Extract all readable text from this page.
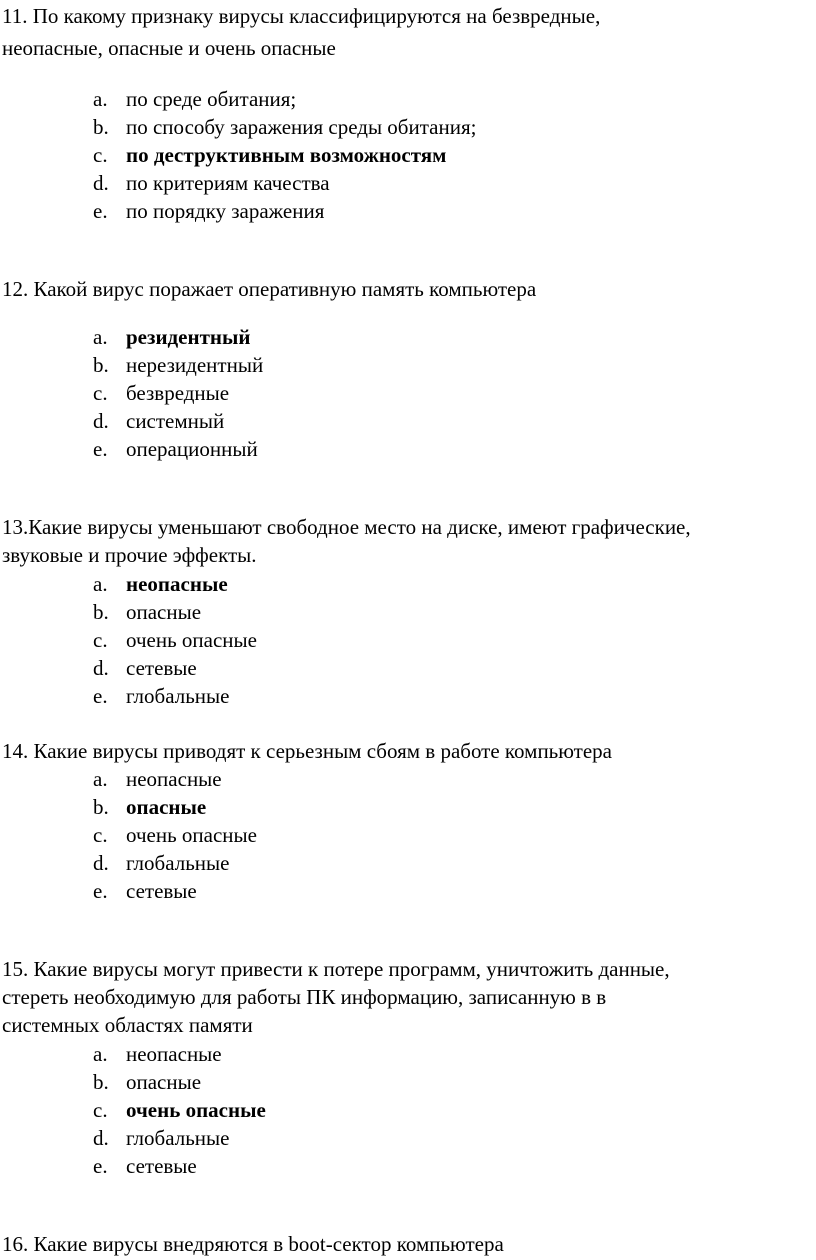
11. По какому признаку вирусы классифицируются на безвредные,
неопасные, опасные и очень опасные
a. по среде обитания;
b. по способу заражения среды обитания;
c. по деструктивным возможностям
d. по критериям качества
e. по порядку заражения
12. Какой вирус поражает оперативную память компьютера
a. резидентный
b. нерезидентный
c. безвредные
d. системный
e. операционный
13.Какие вирусы уменьшают свободное место на диске, имеют графические,
звуковые и прочие эффекты.
a. неопасные
b. опасные
c. очень опасные
d. сетевые
e. глобальные
14. Какие вирусы приводят к серьезным сбоям в работе компьютера
a. неопасные
b. опасные
c. очень опасные
d. глобальные
e. сетевые
15. Какие вирусы могут привести к потере программ, уничтожить данные,
стереть необходимую для работы ПК информацию, записанную в в
системных областях памяти
a. неопасные
b. опасные
c. очень опасные
d. глобальные
e. сетевые
16. Какие вирусы внедряются в boot-сектор компьютера
